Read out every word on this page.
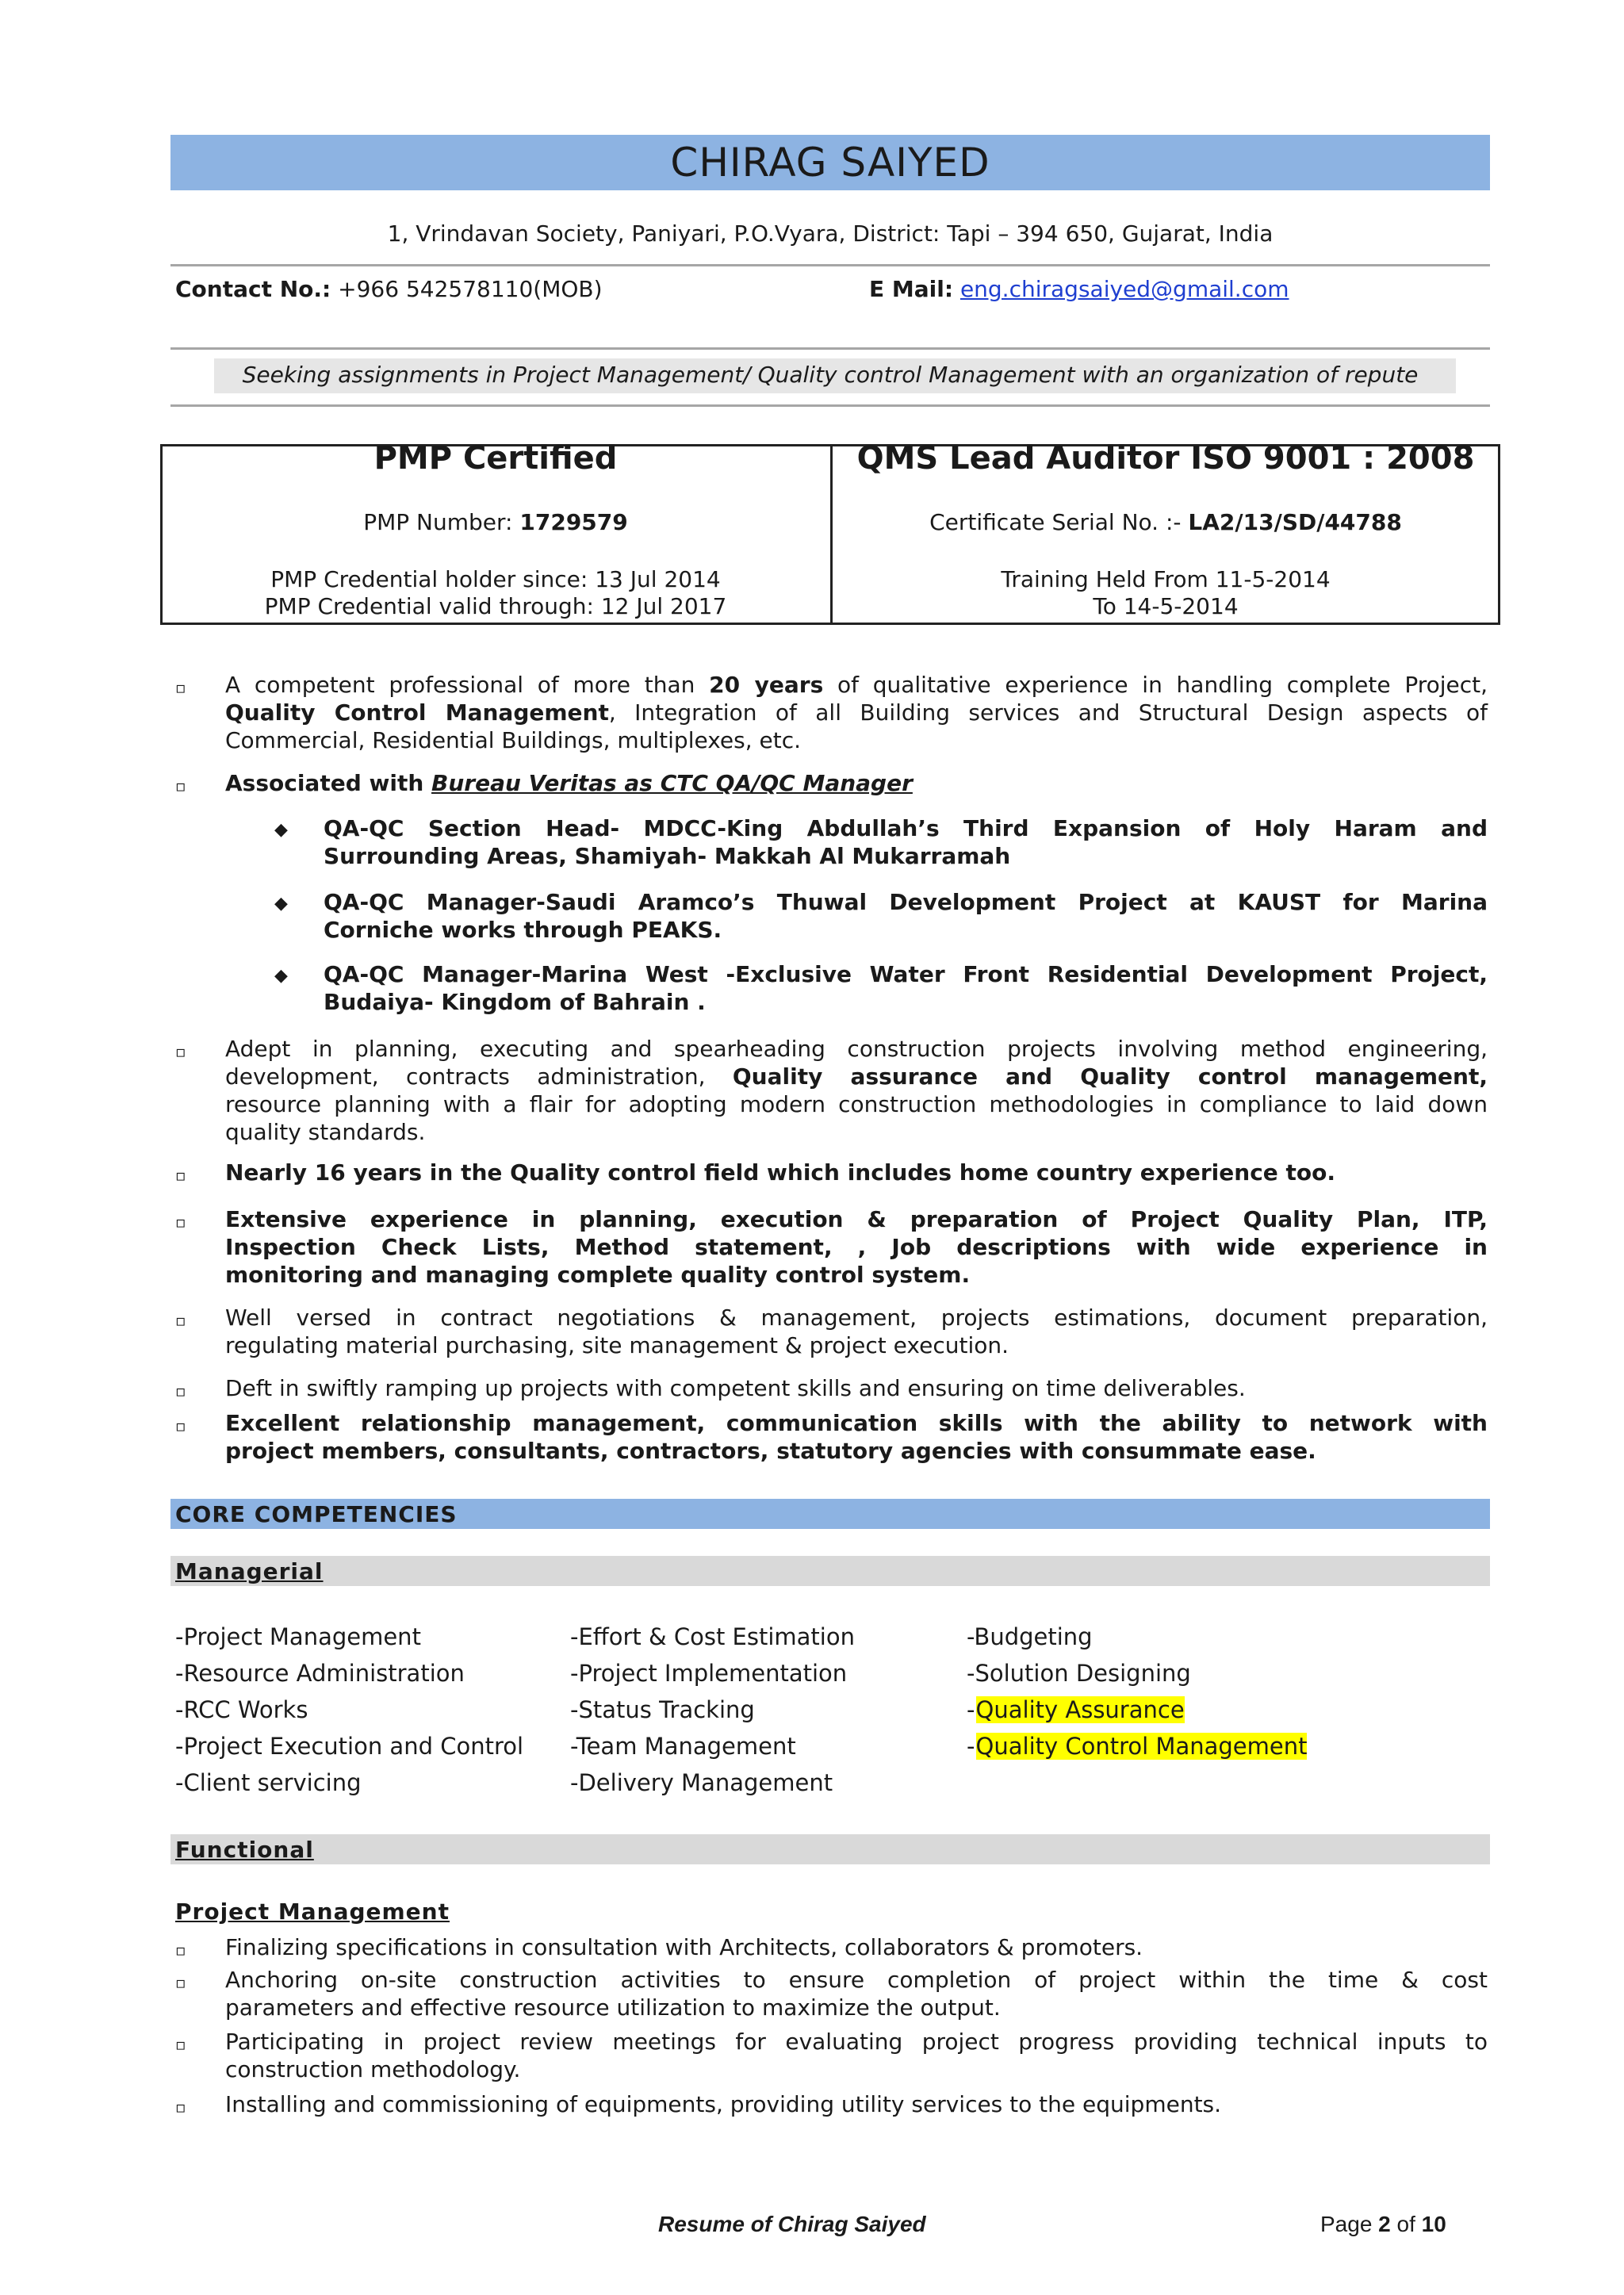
CHIRAG SAIYED
1, Vrindavan Society, Paniyari, P.O.Vyara, District: Tapi – 394 650, Gujarat, India
Contact No.: +966 542578110(MOB)	E Mail: eng.chiragsaiyed@gmail.com
Seeking assignments in Project Management/ Quality control Management with an organization of repute
PMP Certified
PMP Number: 1729579
PMP Credential holder since: 13 Jul 2014
PMP Credential valid through: 12 Jul 2017
QMS Lead Auditor ISO 9001 : 2008
Certificate Serial No. :- LA2/13/SD/44788
Training Held From 11-5-2014
To 14-5-2014
▫ A competent professional of more than 20 years of qualitative experience in handling complete Project,
Quality Control Management, Integration of all Building services and Structural Design aspects of
Commercial, Residential Buildings, multiplexes, etc.
▫ Associated with Bureau Veritas as CTC QA/QC Manager
◆ QA-QC Section Head- MDCC-King Abdullah’s Third Expansion of Holy Haram and
Surrounding Areas, Shamiyah- Makkah Al Mukarramah
◆ QA-QC Manager-Saudi Aramco’s Thuwal Development Project at KAUST for Marina
Corniche works through PEAKS.
◆ QA-QC Manager-Marina West -Exclusive Water Front Residential Development Project,
Budaiya- Kingdom of Bahrain .
▫ Adept in planning, executing and spearheading construction projects involving method engineering,
development, contracts administration, Quality assurance and Quality control management,
resource planning with a flair for adopting modern construction methodologies in compliance to laid down
quality standards.
▫ Nearly 16 years in the Quality control field which includes home country experience too.
▫ Extensive experience in planning, execution & preparation of Project Quality Plan, ITP,
Inspection Check Lists, Method statement, , Job descriptions with wide experience in
monitoring and managing complete quality control system.
▫ Well versed in contract negotiations & management, projects estimations, document preparation,
regulating material purchasing, site management & project execution.
▫ Deft in swiftly ramping up projects with competent skills and ensuring on time deliverables.
▫ Excellent relationship management, communication skills with the ability to network with
project members, consultants, contractors, statutory agencies with consummate ease.
CORE COMPETENCIES
Managerial
-Project Management
-Resource Administration
-RCC Works
-Project Execution and Control
-Client servicing
-Effort & Cost Estimation
-Project Implementation
-Status Tracking
-Team Management
-Delivery Management
-Budgeting
-Solution Designing
-Quality Assurance
-Quality Control Management
Functional
Project Management
▫ Finalizing specifications in consultation with Architects, collaborators & promoters.
▫ Anchoring on-site construction activities to ensure completion of project within the time & cost
parameters and effective resource utilization to maximize the output.
▫ Participating in project review meetings for evaluating project progress providing technical inputs to
construction methodology.
▫ Installing and commissioning of equipments, providing utility services to the equipments.
Resume of Chirag Saiyed	Page 2 of 10
